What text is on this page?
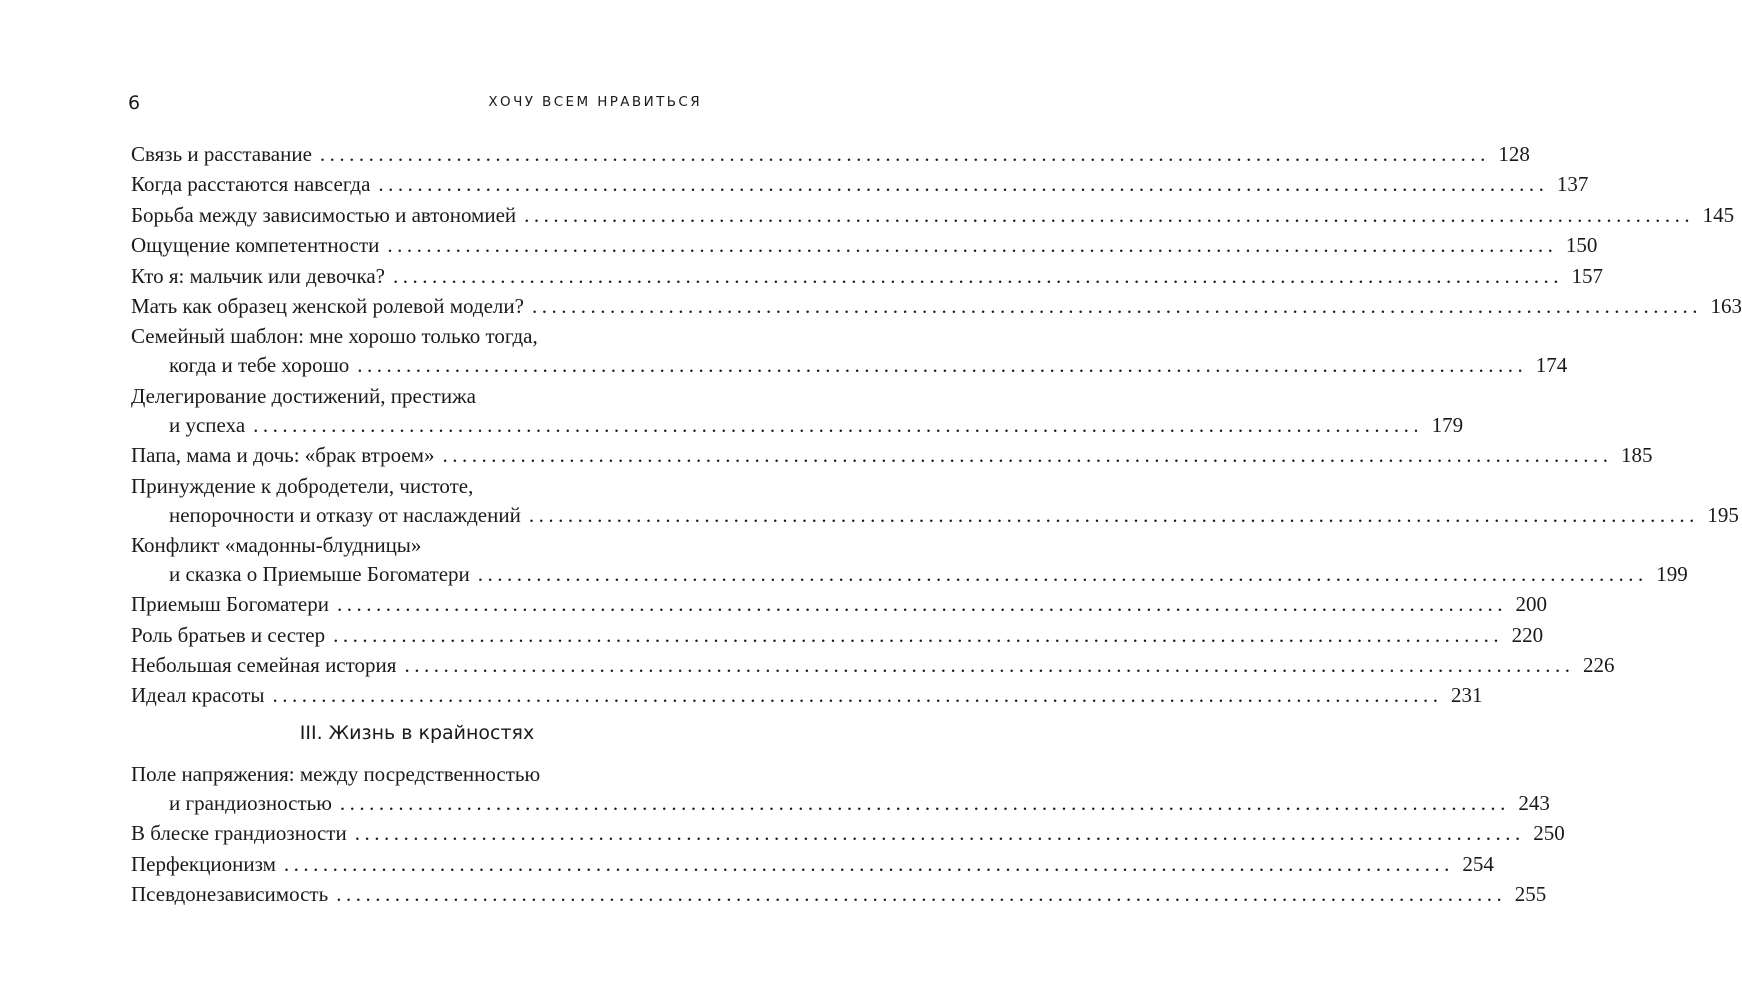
6	ХОЧУ ВСЕМ НРАВИТЬСЯ
Связь и расставание ........................................................................................................................ 128
Когда расстаются навсегда ........................................................................................................................ 137
Борьба между зависимостью и автономией ........................................................................................................................ 145
Ощущение компетентности ........................................................................................................................ 150
Кто я: мальчик или девочка? ........................................................................................................................ 157
Мать как образец женской ролевой модели? ........................................................................................................................ 163
Семейный шаблон: мне хорошо только тогда,
когда и тебе хорошо ........................................................................................................................ 174
Делегирование достижений, престижа
и успеха ........................................................................................................................ 179
Папа, мама и дочь: «брак втроем» ........................................................................................................................ 185
Принуждение к добродетели, чистоте,
непорочности и отказу от наслаждений ........................................................................................................................ 195
Конфликт «мадонны-блудницы»
и сказка о Приемыше Богоматери ........................................................................................................................ 199
Приемыш Богоматери ........................................................................................................................ 200
Роль братьев и сестер ........................................................................................................................ 220
Небольшая семейная история ........................................................................................................................ 226
Идеал красоты ........................................................................................................................ 231
III. Жизнь в крайностях
Поле напряжения: между посредственностью
и грандиозностью ........................................................................................................................ 243
В блеске грандиозности ........................................................................................................................ 250
Перфекционизм ........................................................................................................................ 254
Псевдонезависимость ........................................................................................................................ 255
